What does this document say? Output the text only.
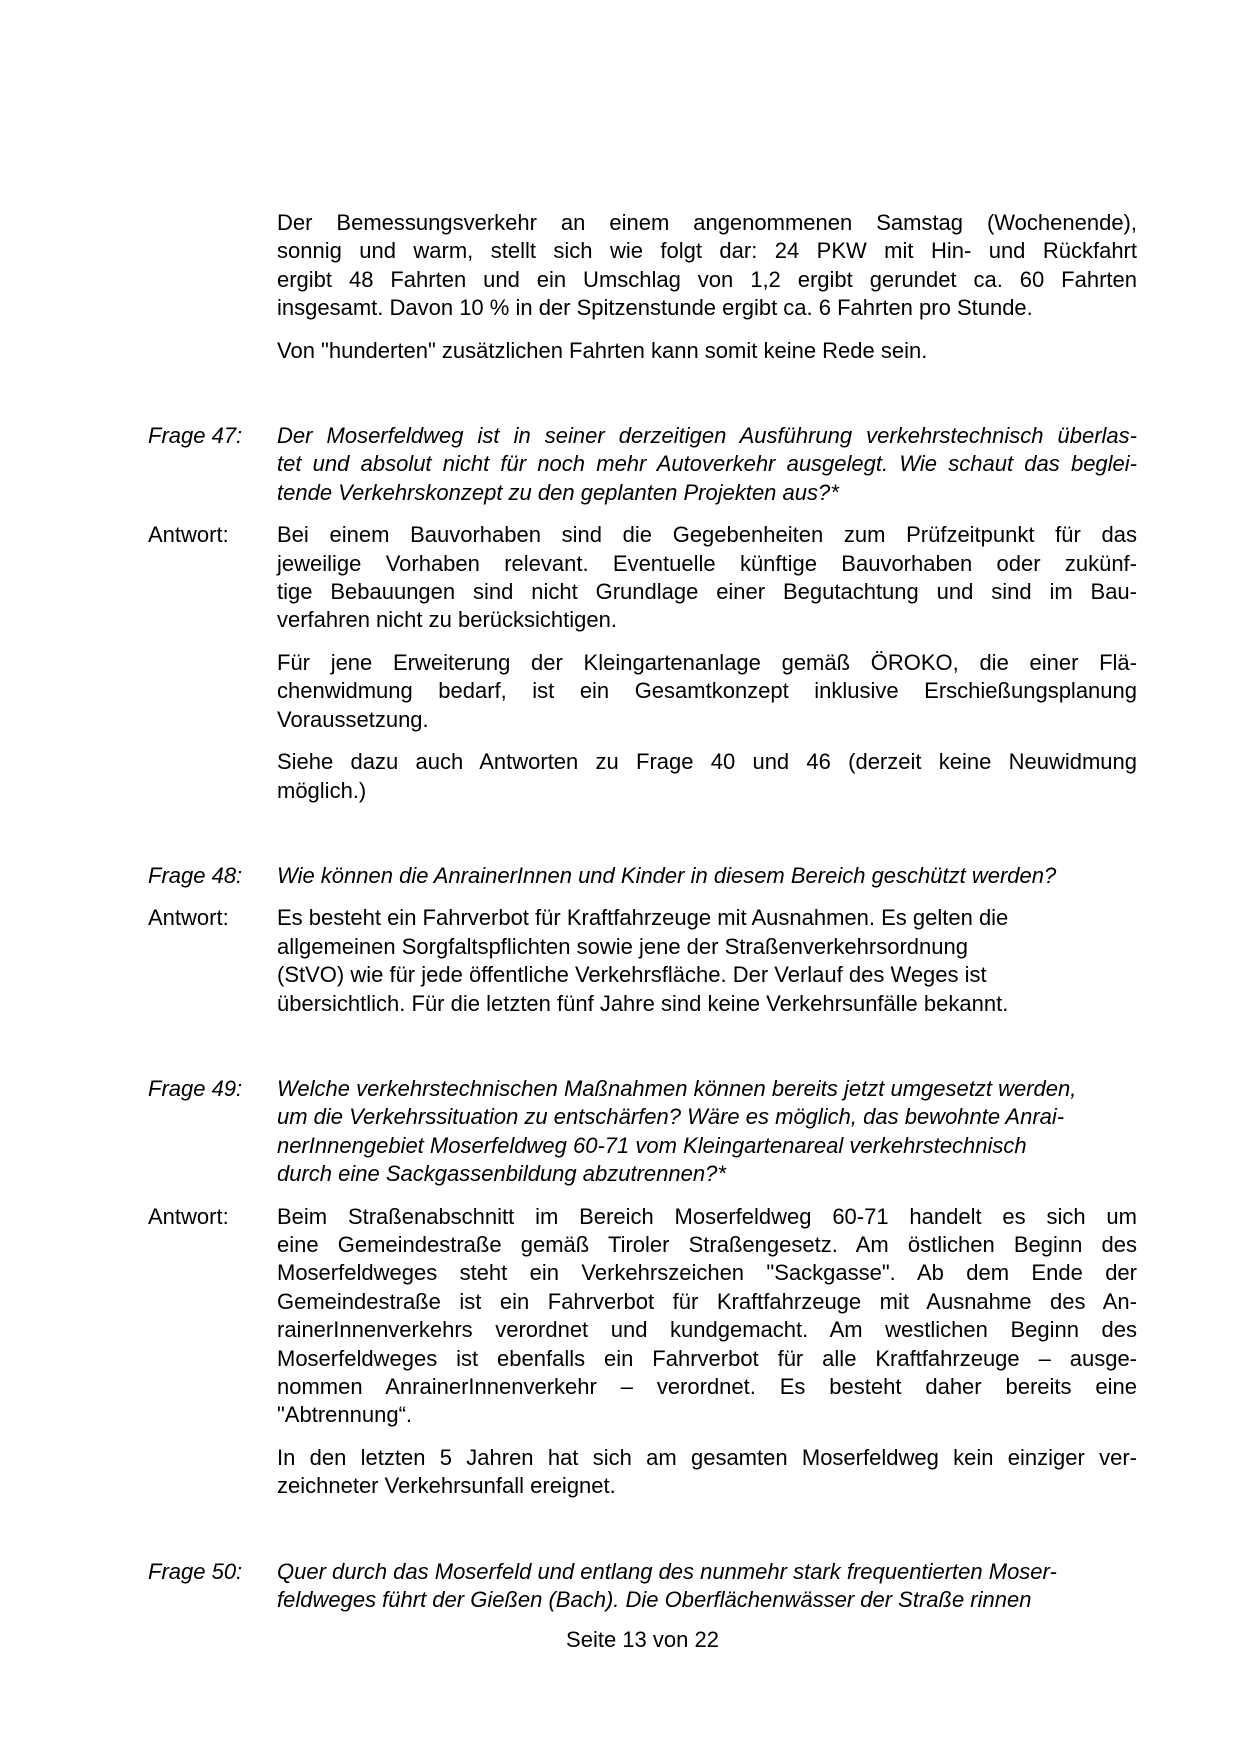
Der Bemessungsverkehr an einem angenommenen Samstag (Wochenende),
sonnig und warm, stellt sich wie folgt dar: 24 PKW mit Hin- und Rückfahrt
ergibt 48 Fahrten und ein Umschlag von 1,2 ergibt gerundet ca. 60 Fahrten
insgesamt. Davon 10 % in der Spitzenstunde ergibt ca. 6 Fahrten pro Stunde.
Von "hunderten" zusätzlichen Fahrten kann somit keine Rede sein.
Frage 47:	Der Moserfeldweg ist in seiner derzeitigen Ausführung verkehrstechnisch überlas-
tet und absolut nicht für noch mehr Autoverkehr ausgelegt. Wie schaut das beglei-
tende Verkehrskonzept zu den geplanten Projekten aus?*
Antwort:	Bei einem Bauvorhaben sind die Gegebenheiten zum Prüfzeitpunkt für das
jeweilige Vorhaben relevant. Eventuelle künftige Bauvorhaben oder zukünf-
tige Bebauungen sind nicht Grundlage einer Begutachtung und sind im Bau-
verfahren nicht zu berücksichtigen.
Für jene Erweiterung der Kleingartenanlage gemäß ÖROKO, die einer Flä-
chenwidmung bedarf, ist ein Gesamtkonzept inklusive Erschießungsplanung
Voraussetzung.
Siehe dazu auch Antworten zu Frage 40 und 46 (derzeit keine Neuwidmung
möglich.)
Frage 48:	Wie können die AnrainerInnen und Kinder in diesem Bereich geschützt werden?
Antwort:	Es besteht ein Fahrverbot für Kraftfahrzeuge mit Ausnahmen. Es gelten die
allgemeinen Sorgfaltspflichten sowie jene der Straßenverkehrsordnung
(StVO) wie für jede öffentliche Verkehrsfläche. Der Verlauf des Weges ist
übersichtlich. Für die letzten fünf Jahre sind keine Verkehrsunfälle bekannt.
Frage 49:	Welche verkehrstechnischen Maßnahmen können bereits jetzt umgesetzt werden,
um die Verkehrssituation zu entschärfen? Wäre es möglich, das bewohnte Anrai-
nerInnengebiet Moserfeldweg 60-71 vom Kleingartenareal verkehrstechnisch
durch eine Sackgassenbildung abzutrennen?*
Antwort:	Beim Straßenabschnitt im Bereich Moserfeldweg 60-71 handelt es sich um
eine Gemeindestraße gemäß Tiroler Straßengesetz. Am östlichen Beginn des
Moserfeldweges steht ein Verkehrszeichen "Sackgasse". Ab dem Ende der
Gemeindestraße ist ein Fahrverbot für Kraftfahrzeuge mit Ausnahme des An-
rainerInnenverkehrs verordnet und kundgemacht. Am westlichen Beginn des
Moserfeldweges ist ebenfalls ein Fahrverbot für alle Kraftfahrzeuge – ausge-
nommen AnrainerInnenverkehr – verordnet. Es besteht daher bereits eine
"Abtrennung“.
In den letzten 5 Jahren hat sich am gesamten Moserfeldweg kein einziger ver-
zeichneter Verkehrsunfall ereignet.
Frage 50:	Quer durch das Moserfeld und entlang des nunmehr stark frequentierten Moser-
feldweges führt der Gießen (Bach). Die Oberflächenwässer der Straße rinnen
Seite 13 von 22
